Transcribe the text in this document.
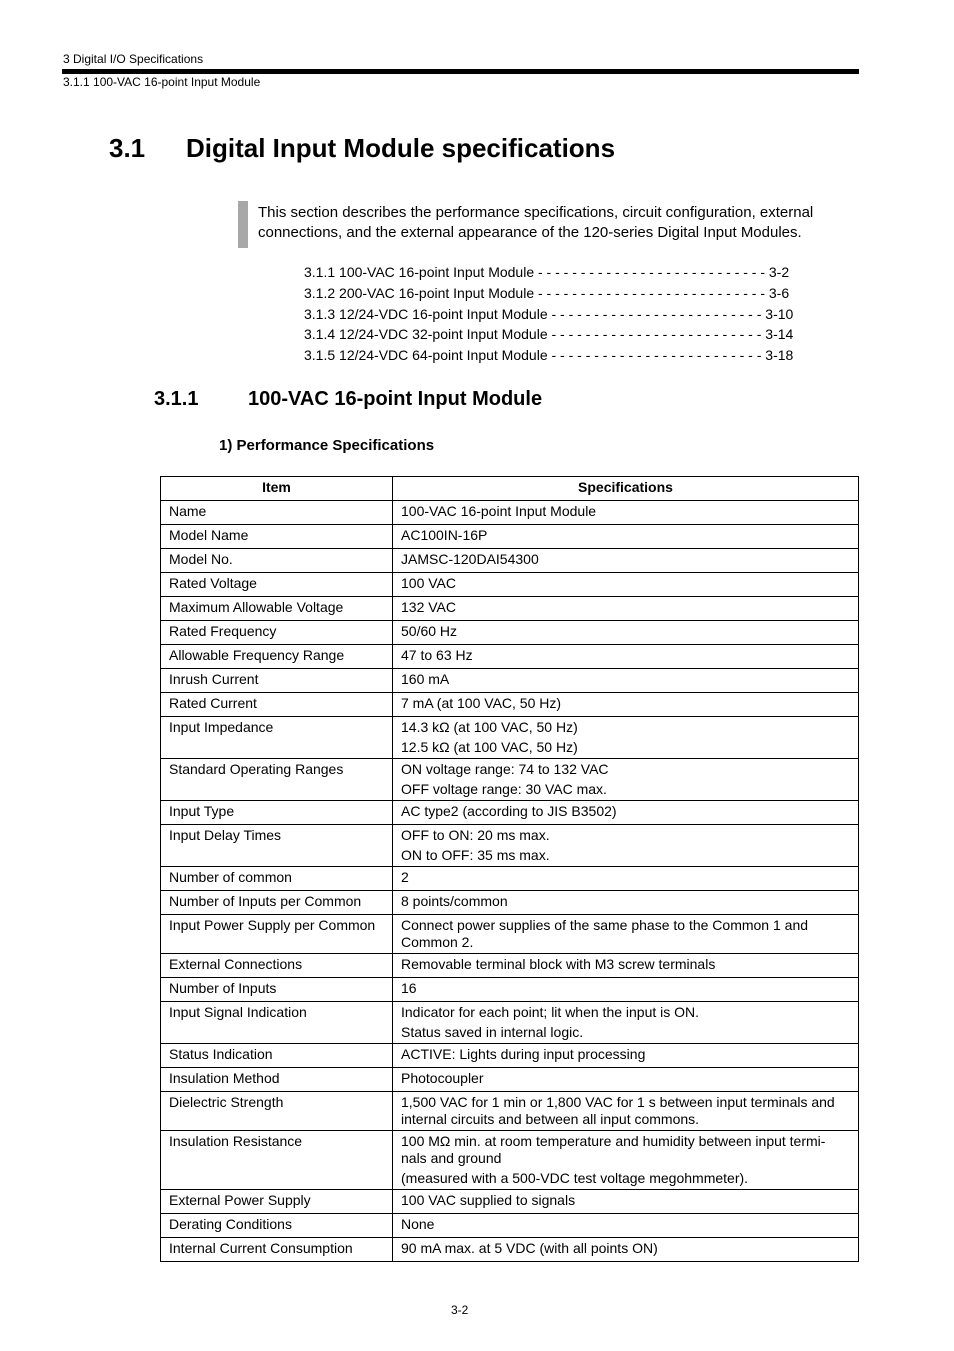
3 Digital I/O Specifications
3.1.1 100-VAC 16-point Input Module
3.1 Digital Input Module specifications
This section describes the performance specifications, circuit configuration, external connections, and the external appearance of the 120-series Digital Input Modules.
3.1.1 100-VAC 16-point Input Module - - - - - - - - - - - - - - - - - - - - - - - - - - - 3-2
3.1.2 200-VAC 16-point Input Module - - - - - - - - - - - - - - - - - - - - - - - - - - - 3-6
3.1.3 12/24-VDC 16-point Input Module - - - - - - - - - - - - - - - - - - - - - - - - - 3-10
3.1.4 12/24-VDC 32-point Input Module - - - - - - - - - - - - - - - - - - - - - - - - - 3-14
3.1.5 12/24-VDC 64-point Input Module - - - - - - - - - - - - - - - - - - - - - - - - - 3-18
3.1.1 100-VAC 16-point Input Module
1) Performance Specifications
Item	Specifications
Name	100-VAC 16-point Input Module
Model Name	AC100IN-16P
Model No.	JAMSC-120DAI54300
Rated Voltage	100 VAC
Maximum Allowable Voltage	132 VAC
Rated Frequency	50/60 Hz
Allowable Frequency Range	47 to 63 Hz
Inrush Current	160 mA
Rated Current	7 mA (at 100 VAC, 50 Hz)
Input Impedance	14.3 kΩ (at 100 VAC, 50 Hz)
12.5 kΩ (at 100 VAC, 50 Hz)

Standard Operating Ranges	ON voltage range: 74 to 132 VAC
OFF voltage range: 30 VAC max.

Input Type	AC type2 (according to JIS B3502)
Input Delay Times	OFF to ON: 20 ms max.
ON to OFF: 35 ms max.

Number of common	2
Number of Inputs per Common	8 points/common
Input Power Supply per Common	Connect power supplies of the same phase to the Common 1 and Common 2.
External Connections	Removable terminal block with M3 screw terminals
Number of Inputs	16
Input Signal Indication	Indicator for each point; lit when the input is ON.
Status saved in internal logic.

Status Indication	ACTIVE: Lights during input processing
Insulation Method	Photocoupler
Dielectric Strength	1,500 VAC for 1 min or 1,800 VAC for 1 s between input terminals and internal circuits and between all input commons.
Insulation Resistance	100 MΩ min. at room temperature and humidity between input termi-nals and ground
(measured with a 500-VDC test voltage megohmmeter).

External Power Supply	100 VAC supplied to signals
Derating Conditions	None
Internal Current Consumption	90 mA max. at 5 VDC (with all points ON)
3-2
